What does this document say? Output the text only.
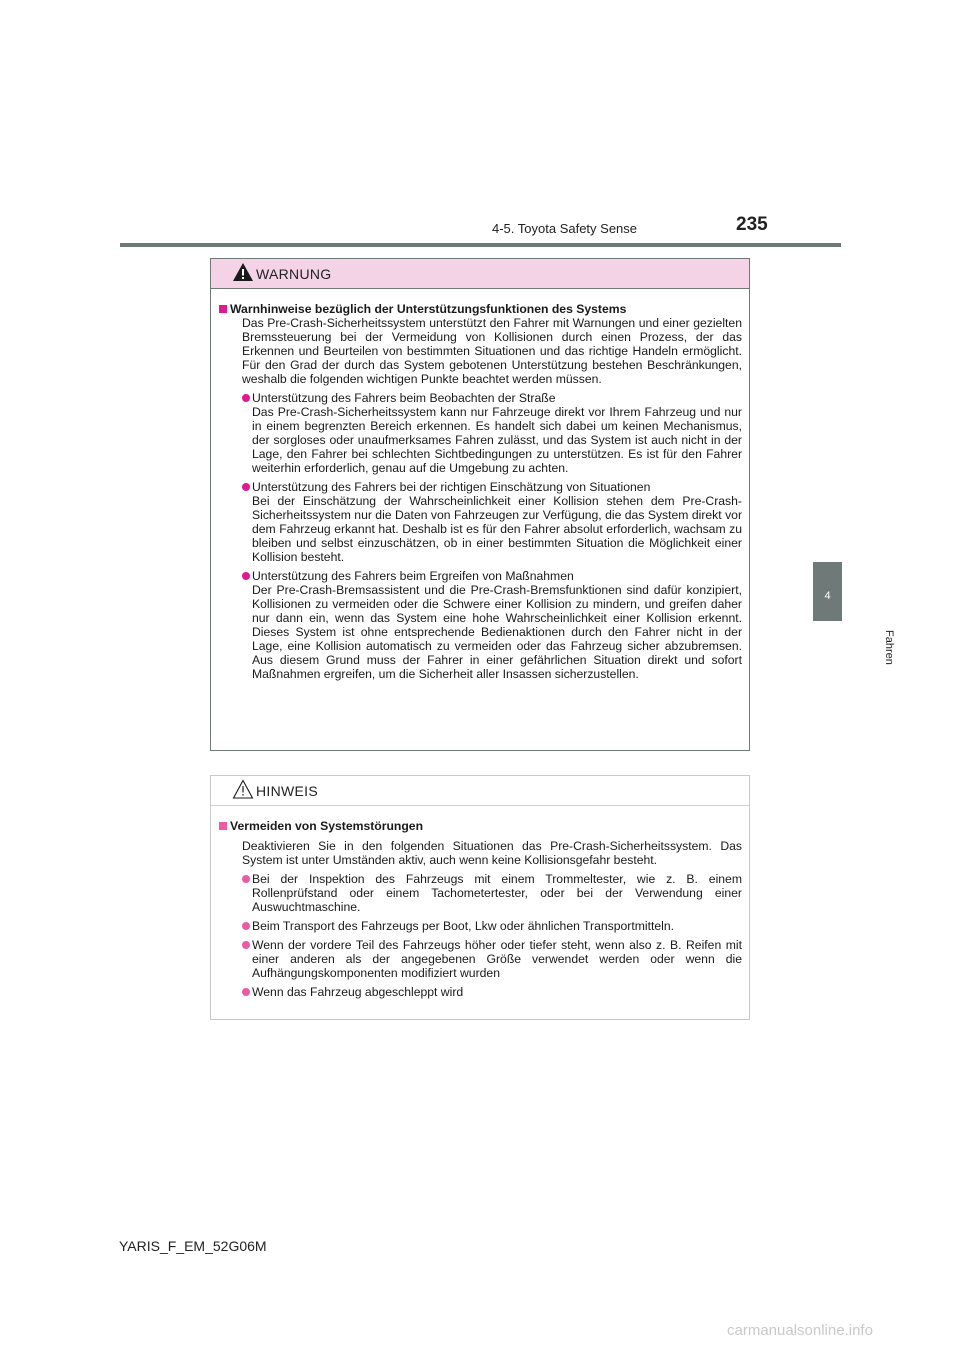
4-5. Toyota Safety Sense	235
4
Fahren
WARNUNG
Warnhinweise bezüglich der Unterstützungsfunktionen des Systems
Das Pre-Crash-Sicherheitssystem unterstützt den Fahrer mit Warnungen und einer gezielten Bremssteuerung bei der Vermeidung von Kollisionen durch einen Prozess, der das Erkennen und Beurteilen von bestimmten Situationen und das richtige Handeln ermöglicht. Für den Grad der durch das System gebotenen Unterstützung bestehen Beschränkungen, weshalb die folgenden wichtigen Punkte beachtet werden müssen.
Unterstützung des Fahrers beim Beobachten der Straße
Das Pre-Crash-Sicherheitssystem kann nur Fahrzeuge direkt vor Ihrem Fahrzeug und nur in einem begrenzten Bereich erkennen. Es handelt sich dabei um keinen Mechanismus, der sorgloses oder unaufmerksames Fahren zulässt, und das System ist auch nicht in der Lage, den Fahrer bei schlechten Sichtbedingungen zu unterstützen. Es ist für den Fahrer weiterhin erforderlich, genau auf die Umgebung zu achten.
Unterstützung des Fahrers bei der richtigen Einschätzung von Situationen
Bei der Einschätzung der Wahrscheinlichkeit einer Kollision stehen dem Pre-Crash-Sicherheitssystem nur die Daten von Fahrzeugen zur Verfügung, die das System direkt vor dem Fahrzeug erkannt hat. Deshalb ist es für den Fahrer absolut erforderlich, wachsam zu bleiben und selbst einzuschätzen, ob in einer bestimmten Situation die Möglichkeit einer Kollision besteht.
Unterstützung des Fahrers beim Ergreifen von Maßnahmen
Der Pre-Crash-Bremsassistent und die Pre-Crash-Bremsfunktionen sind dafür konzipiert, Kollisionen zu vermeiden oder die Schwere einer Kollision zu mindern, und greifen daher nur dann ein, wenn das System eine hohe Wahrscheinlichkeit einer Kollision erkennt. Dieses System ist ohne entsprechende Bedienaktionen durch den Fahrer nicht in der Lage, eine Kollision automatisch zu vermeiden oder das Fahrzeug sicher abzubremsen. Aus diesem Grund muss der Fahrer in einer gefährlichen Situation direkt und sofort Maßnahmen ergreifen, um die Sicherheit aller Insassen sicherzustellen.
HINWEIS
Vermeiden von Systemstörungen
Deaktivieren Sie in den folgenden Situationen das Pre-Crash-Sicherheitssystem. Das System ist unter Umständen aktiv, auch wenn keine Kollisionsgefahr besteht.
Bei der Inspektion des Fahrzeugs mit einem Trommeltester, wie z. B. einem Rollenprüfstand oder einem Tachometertester, oder bei der Verwendung einer Auswuchtmaschine.
Beim Transport des Fahrzeugs per Boot, Lkw oder ähnlichen Transportmitteln.
Wenn der vordere Teil des Fahrzeugs höher oder tiefer steht, wenn also z. B. Reifen mit einer anderen als der angegebenen Größe verwendet werden oder wenn die Aufhängungskomponenten modifiziert wurden
Wenn das Fahrzeug abgeschleppt wird
YARIS_F_EM_52G06M
carmanualsonline.info
